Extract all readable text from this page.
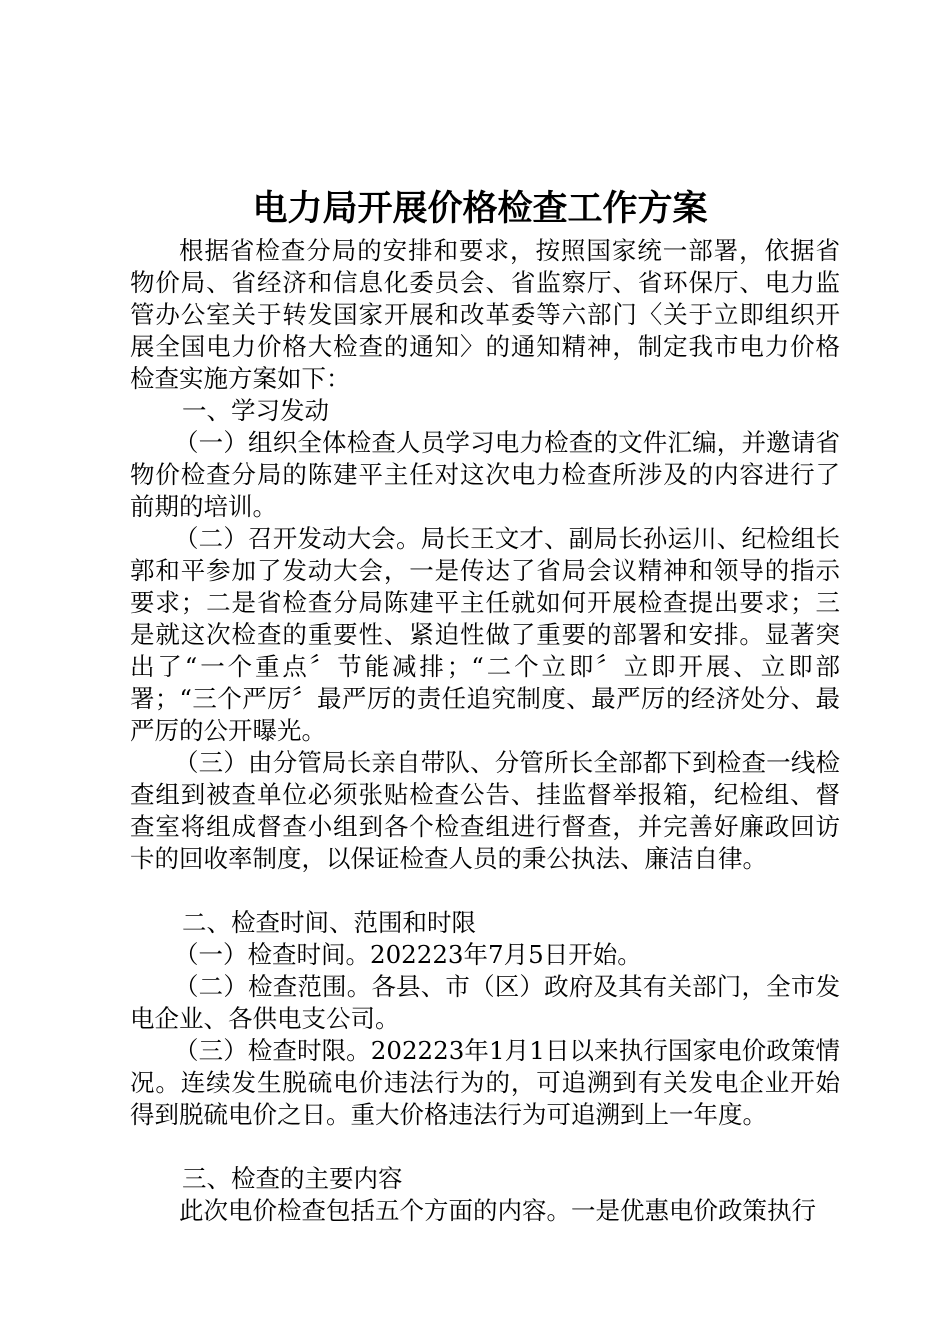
电力局开展价格检查工作方案

根据省检查分局的安排和要求，按照国家统一部署，依据省物价局、省经济和信息化委员会、省监察厅、省环保厅、电力监管办公室关于转发国家开展和改革委等六部门〈关于立即组织开展全国电力价格大检查的通知〉的通知精神，制定我市电力价格检查实施方案如下：

一、学习发动

（一）组织全体检查人员学习电力检查的文件汇编，并邀请省物价检查分局的陈建平主任对这次电力检查所涉及的内容进行了前期的培训。

（二）召开发动大会。局长王文才、副局长孙运川、纪检组长郭和平参加了发动大会，一是传达了省局会议精神和领导的指示要求；二是省检查分局陈建平主任就如何开展检查提出要求；三是就这次检查的重要性、紧迫性做了重要的部署和安排。显著突出了“一个重点〞节能减排；“二个立即〞立即开展、立即部署；“三个严厉〞最严厉的责任追究制度、最严厉的经济处分、最严厉的公开曝光。

（三）由分管局长亲自带队、分管所长全部都下到检查一线检查组到被查单位必须张贴检查公告、挂监督举报箱，纪检组、督查室将组成督查小组到各个检查组进行督查，并完善好廉政回访卡的回收率制度，以保证检查人员的秉公执法、廉洁自律。

二、检查时间、范围和时限

（一）检查时间。202223年7月5日开始。

（二）检查范围。各县、市（区）政府及其有关部门，全市发电企业、各供电支公司。

（三）检查时限。202223年1月1日以来执行国家电价政策情况。连续发生脱硫电价违法行为的，可追溯到有关发电企业开始得到脱硫电价之日。重大价格违法行为可追溯到上一年度。

三、检查的主要内容

此次电价检查包括五个方面的内容。一是优惠电价政策执行
